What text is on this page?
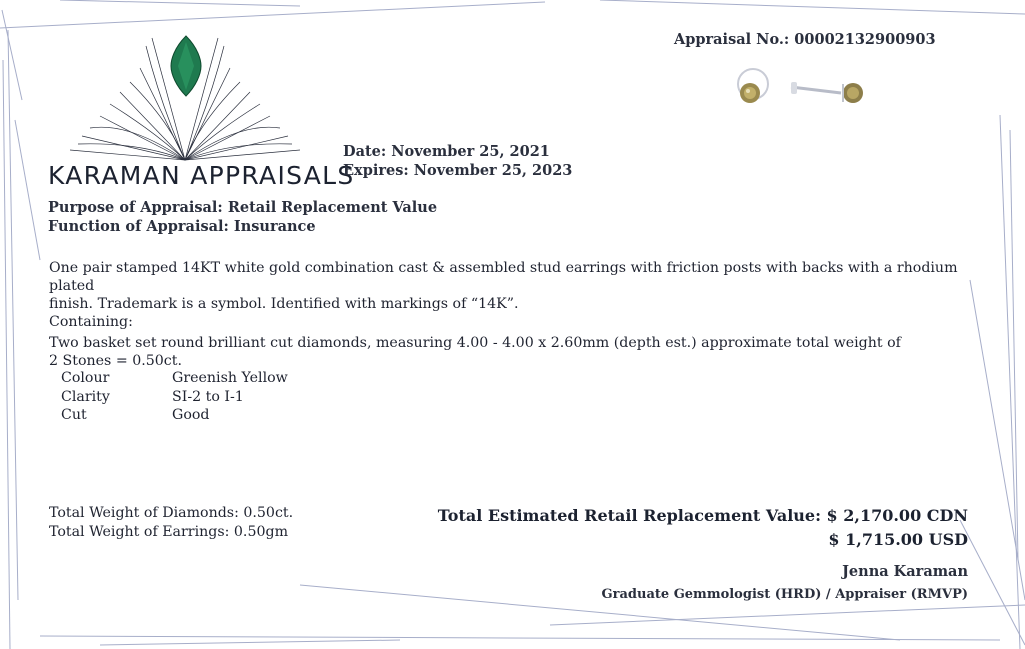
KARAMAN APPRAISALS
Appraisal No.: 00002132900903
Date: November 25, 2021
Expires: November 25, 2023
Purpose of Appraisal: Retail Replacement Value
Function of Appraisal: Insurance
One pair stamped 14KT white gold combination cast & assembled stud earrings with friction posts with backs with a rhodium plated
finish. Trademark is a symbol. Identified with markings of “14K”.
Containing:
Two basket set round brilliant cut diamonds, measuring 4.00 - 4.00 x 2.60mm (depth est.) approximate total weight of
2 Stones = 0.50ct.
Colour	Greenish Yellow
Clarity	SI-2 to I-1
Cut	Good
Total Weight of Diamonds: 0.50ct.
Total Weight of Earrings: 0.50gm
Total Estimated Retail Replacement Value: $ 2,170.00 CDN
$ 1,715.00 USD
Jenna Karaman
Graduate Gemmologist (HRD) / Appraiser (RMVP)
